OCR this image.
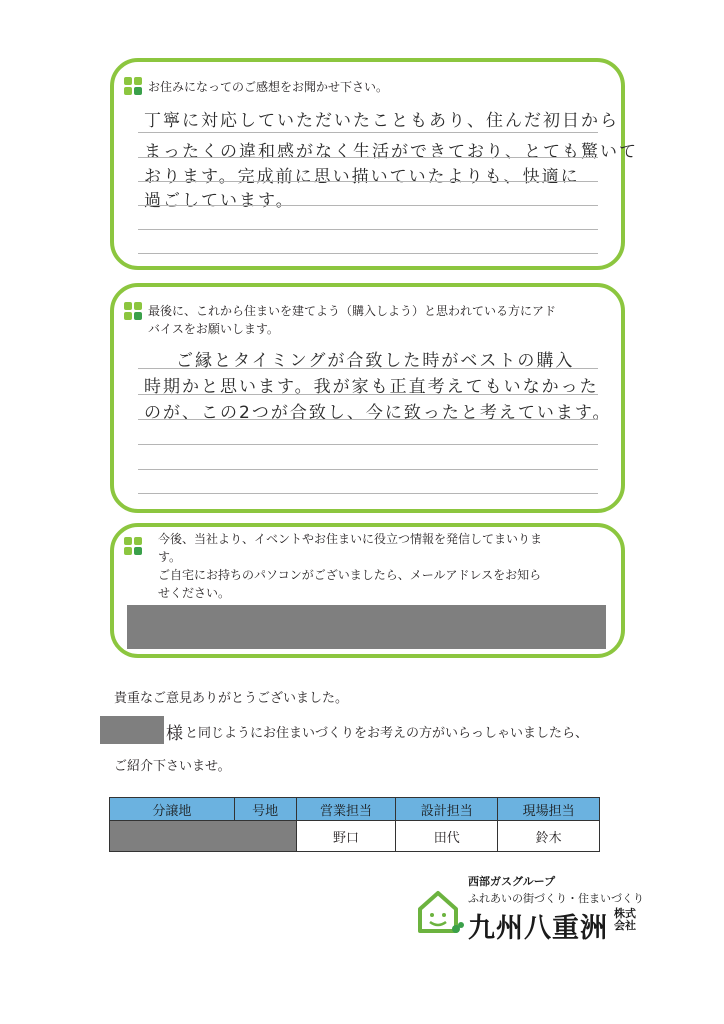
お住みになってのご感想をお聞かせ下さい。
丁寧に対応していただいたこともあり、住んだ初日から
まったくの違和感がなく生活ができており、とても驚いて
おります。完成前に思い描いていたよりも、快適に
過ごしています。
最後に、これから住まいを建てよう（購入しよう）と思われている方にアド
バイスをお願いします。
ご縁とタイミングが合致した時がベストの購入
時期かと思います。我が家も正直考えてもいなかった
のが、この2つが合致し、今に致ったと考えています。
今後、当社より、イベントやお住まいに役立つ情報を発信してまいりま
す。
ご自宅にお持ちのパソコンがございましたら、メールアドレスをお知ら
せください。
貴重なご意見ありがとうございました。
様 と同じようにお住まいづくりをお考えの方がいらっしゃいましたら、
ご紹介下さいませ。
分譲地	号地	営業担当	設計担当	現場担当
		野口	田代	鈴木
西部ガスグループ
ふれあいの街づくり・住まいづくり
九州八重洲 株式会社
